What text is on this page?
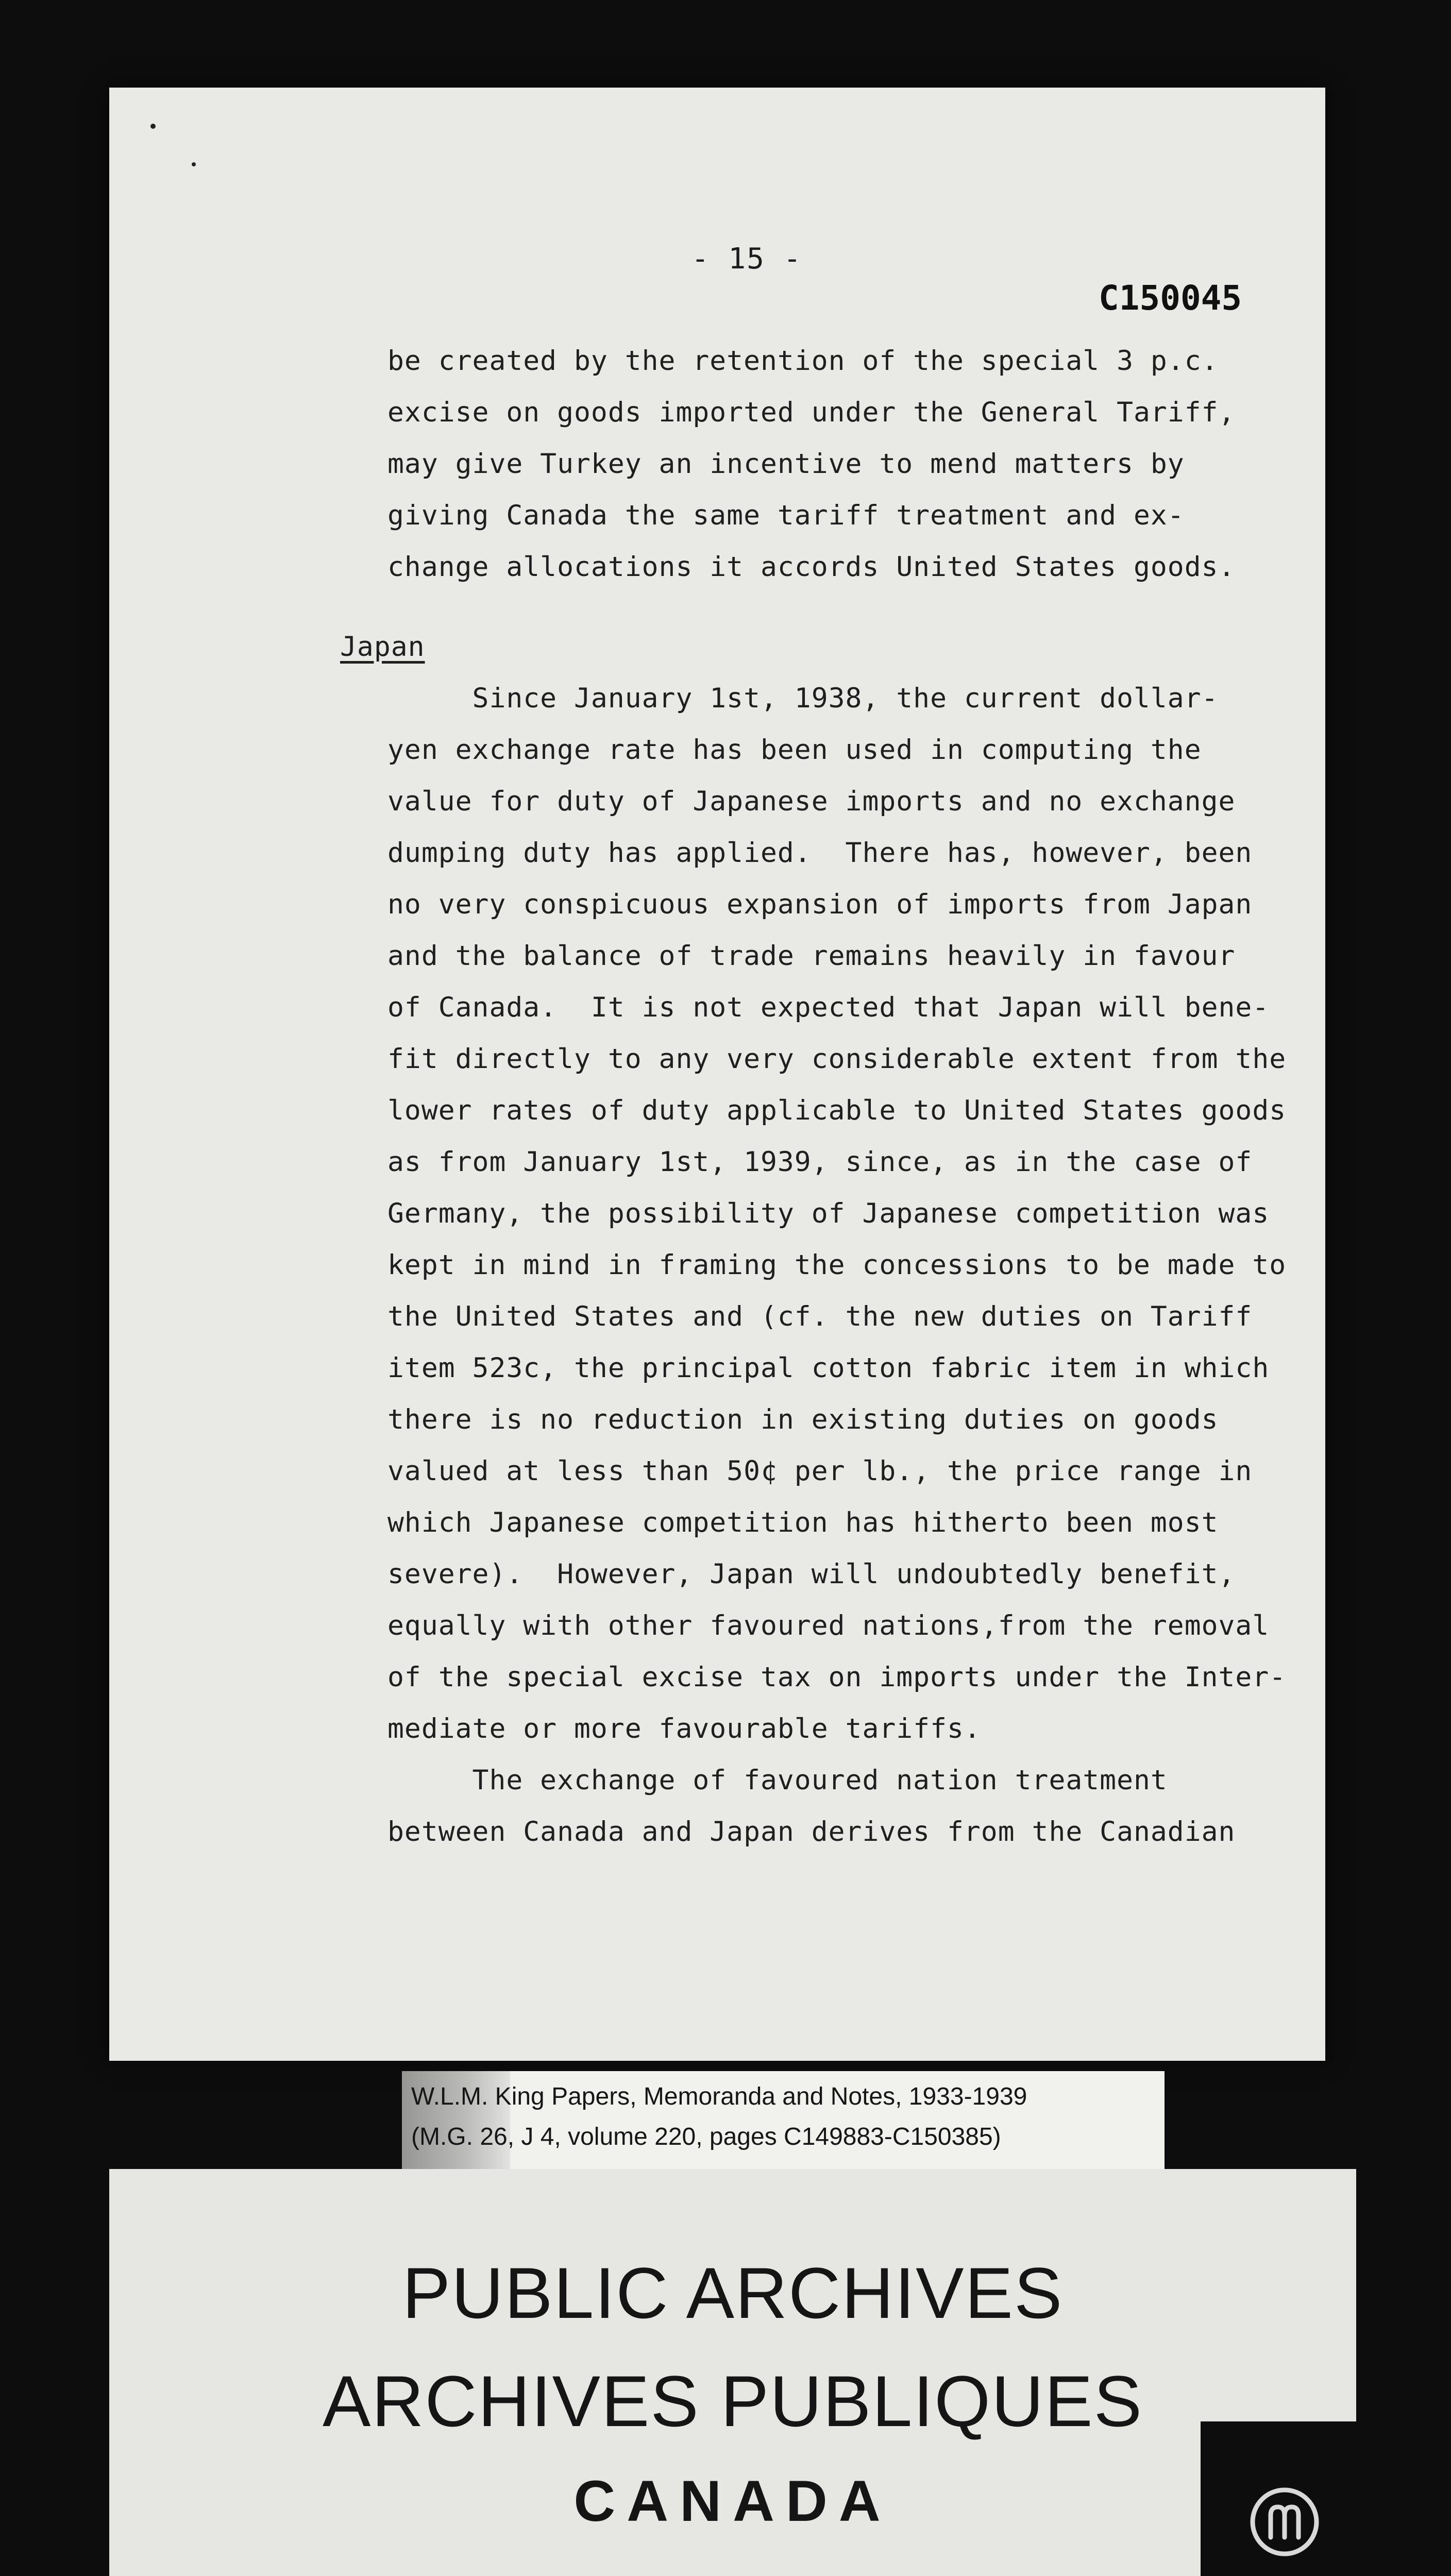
- 15 -
C150045
be created by the retention of the special 3 p.c.
excise on goods imported under the General Tariff,
may give Turkey an incentive to mend matters by
giving Canada the same tariff treatment and ex-
change allocations it accords United States goods.
Japan
Since January 1st, 1938, the current dollar-
yen exchange rate has been used in computing the
value for duty of Japanese imports and no exchange
dumping duty has applied.  There has, however, been
no very conspicuous expansion of imports from Japan
and the balance of trade remains heavily in favour
of Canada.  It is not expected that Japan will bene-
fit directly to any very considerable extent from the
lower rates of duty applicable to United States goods
as from January 1st, 1939, since, as in the case of
Germany, the possibility of Japanese competition was
kept in mind in framing the concessions to be made to
the United States and (cf. the new duties on Tariff
item 523c, the principal cotton fabric item in which
there is no reduction in existing duties on goods
valued at less than 50¢ per lb., the price range in
which Japanese competition has hitherto been most
severe).  However, Japan will undoubtedly benefit,
equally with other favoured nations,from the removal
of the special excise tax on imports under the Inter-
mediate or more favourable tariffs.
The exchange of favoured nation treatment
between Canada and Japan derives from the Canadian
W.L.M. King Papers, Memoranda and Notes, 1933-1939
(M.G. 26, J 4, volume 220, pages C149883-C150385)
PUBLIC ARCHIVES
ARCHIVES PUBLIQUES
CANADA
